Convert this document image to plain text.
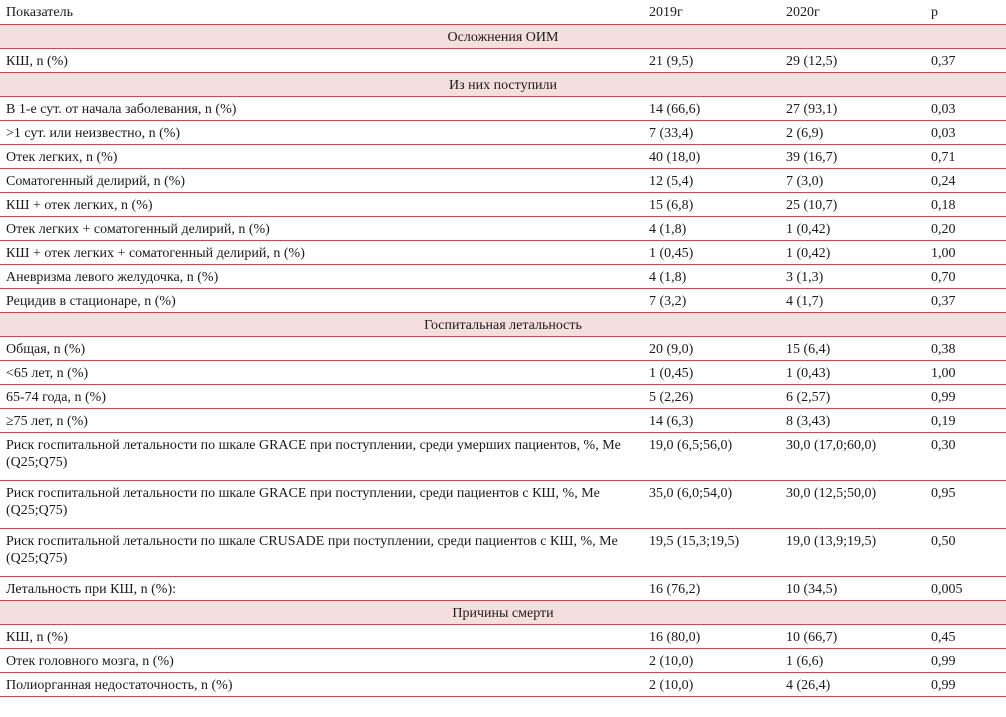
Показатель	2019г	2020г	p
Осложнения ОИМ			
КШ, n (%)	21 (9,5)	29 (12,5)	0,37
Из них поступили			
В 1-е сут. от начала заболевания, n (%)	14 (66,6)	27 (93,1)	0,03
>1 сут. или неизвестно, n (%)	7 (33,4)	2 (6,9)	0,03
Отек легких, n (%)	40 (18,0)	39 (16,7)	0,71
Соматогенный делирий, n (%)	12 (5,4)	7 (3,0)	0,24
КШ + отек легких, n (%)	15 (6,8)	25 (10,7)	0,18
Отек легких + соматогенный делирий, n (%)	4 (1,8)	1 (0,42)	0,20
КШ + отек легких + соматогенный делирий, n (%)	1 (0,45)	1 (0,42)	1,00
Аневризма левого желудочка, n (%)	4 (1,8)	3 (1,3)	0,70
Рецидив в стационаре, n (%)	7 (3,2)	4 (1,7)	0,37
Госпитальная летальность			
Общая, n (%)	20 (9,0)	15 (6,4)	0,38
<65 лет, n (%)	1 (0,45)	1 (0,43)	1,00
65-74 года, n (%)	5 (2,26)	6 (2,57)	0,99
≥75 лет, n (%)	14 (6,3)	8 (3,43)	0,19
Риск госпитальной летальности по шкале GRACE при поступлении, среди умерших пациентов, %, Me (Q25;Q75)	19,0 (6,5;56,0)	30,0 (17,0;60,0)	0,30
Риск госпитальной летальности по шкале GRACE при поступлении, среди пациентов с КШ, %, Me (Q25;Q75)	35,0 (6,0;54,0)	30,0 (12,5;50,0)	0,95
Риск госпитальной летальности по шкале CRUSADE при поступлении, среди пациентов с КШ, %, Me (Q25;Q75)	19,5 (15,3;19,5)	19,0 (13,9;19,5)	0,50
Летальность при КШ, n (%):	16 (76,2)	10 (34,5)	0,005
Причины смерти			
КШ, n (%)	16 (80,0)	10 (66,7)	0,45
Отек головного мозга, n (%)	2 (10,0)	1 (6,6)	0,99
Полиорганная недостаточность, n (%)	2 (10,0)	4 (26,4)	0,99
